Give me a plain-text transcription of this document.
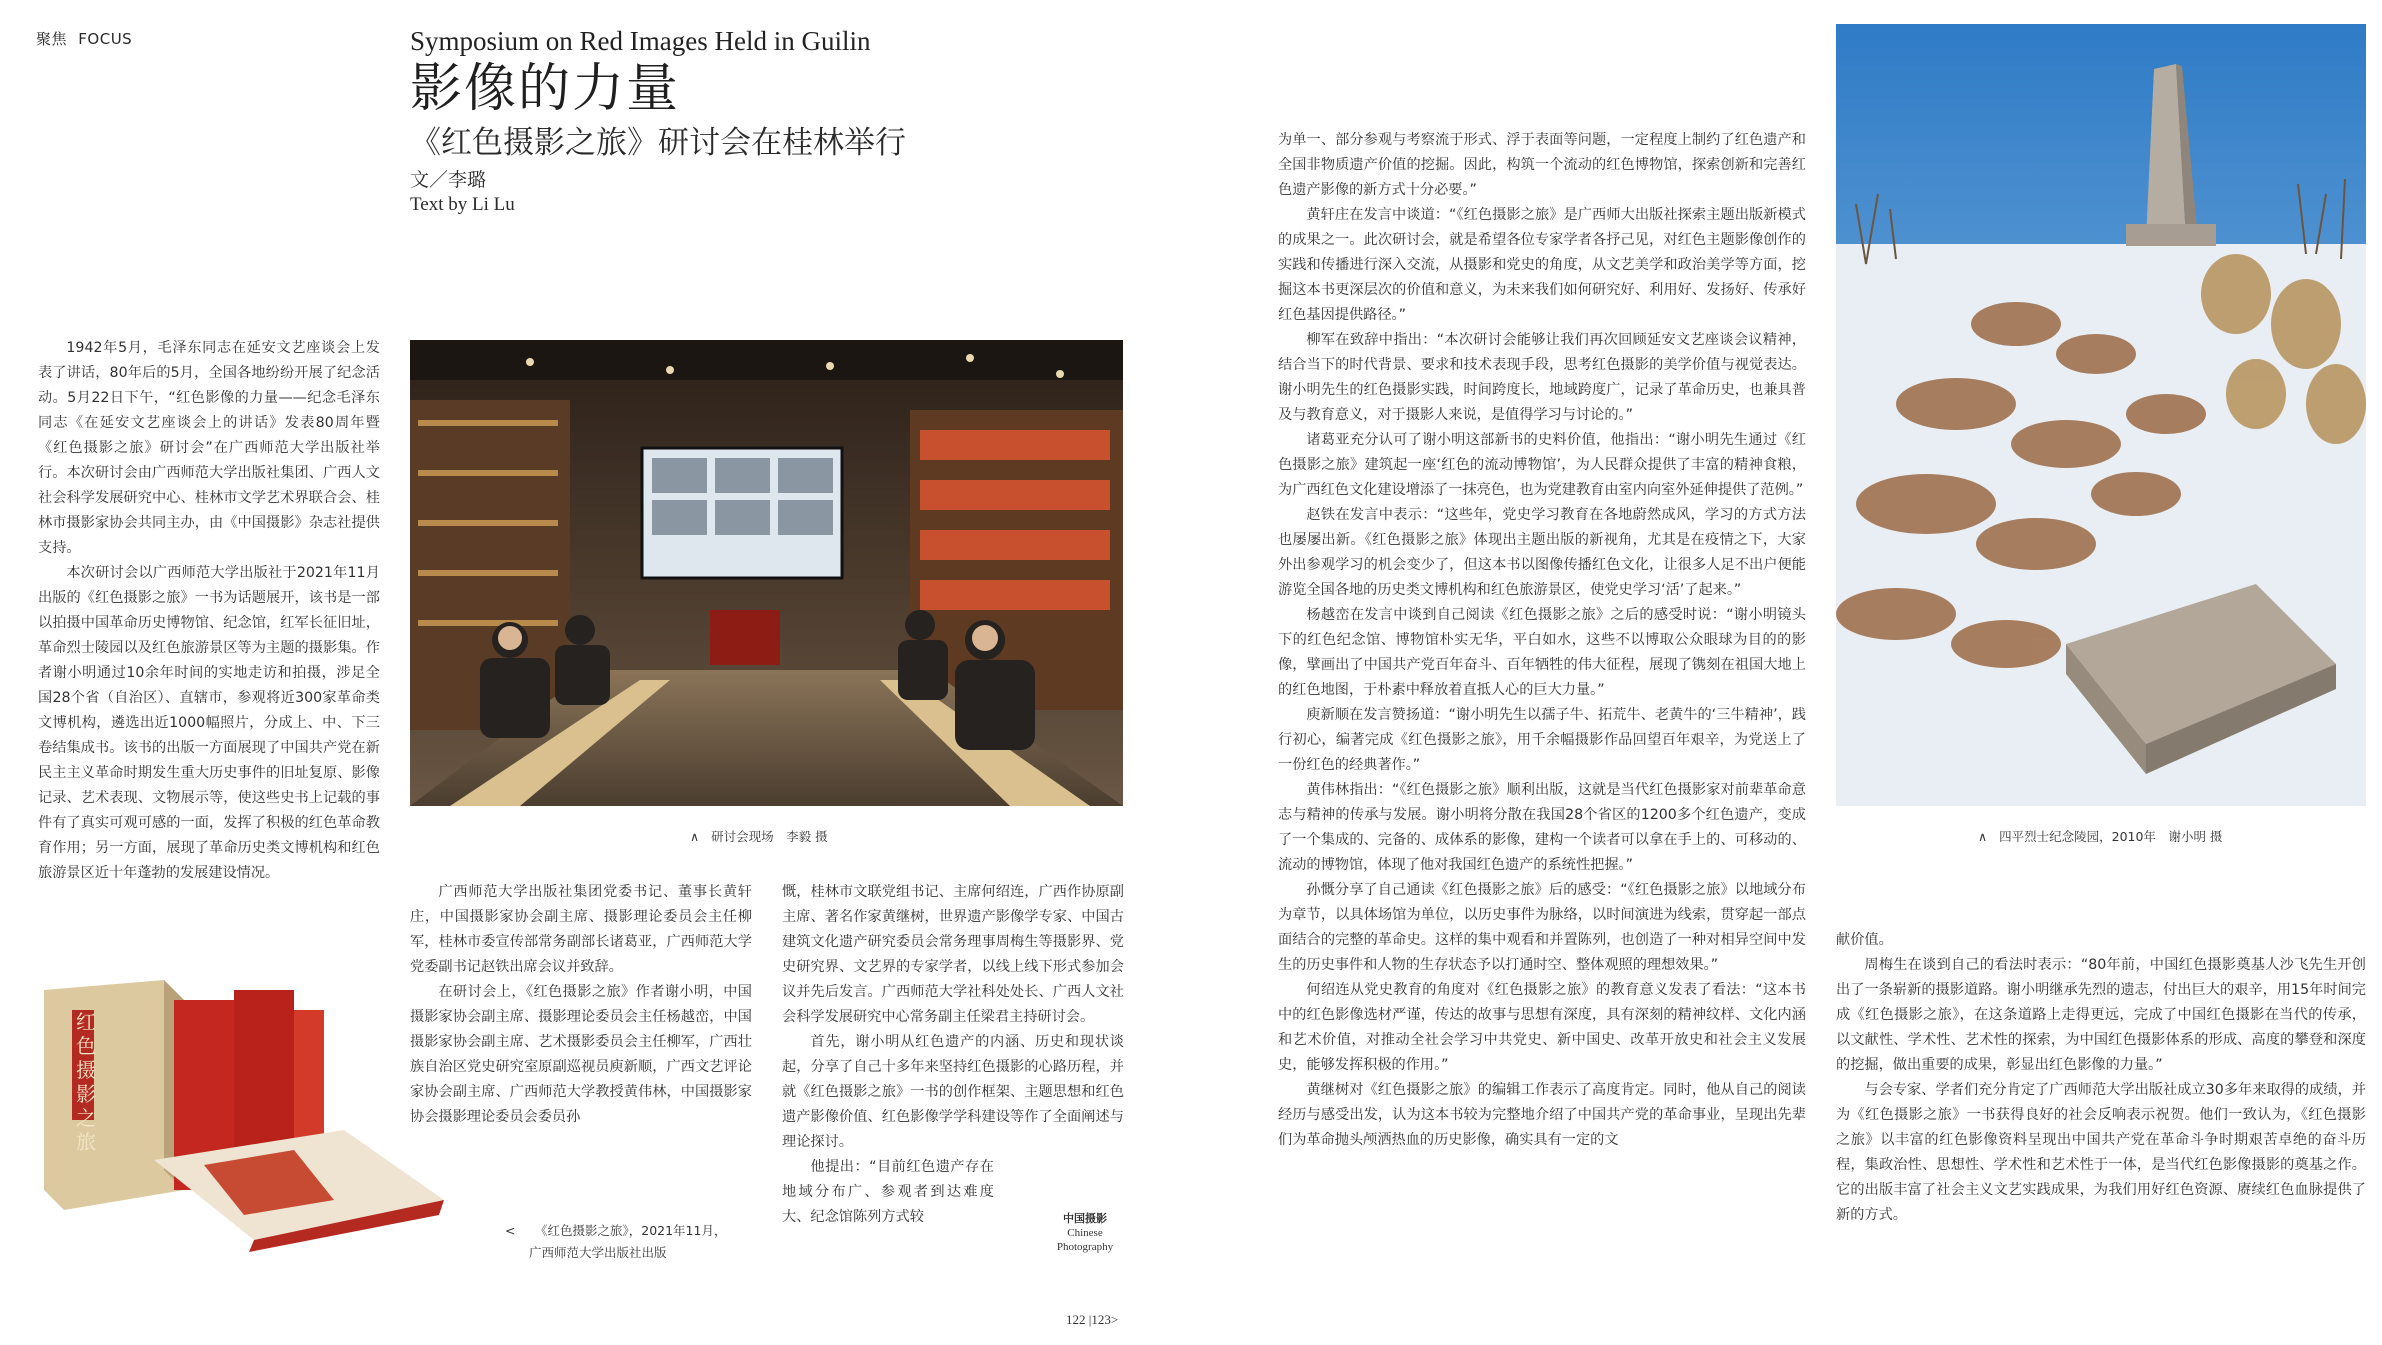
聚焦 FOCUS	Symposium on Red Images Held in Guilin
影像的力量
《红色摄影之旅》研讨会在桂林举行
文／李璐
Text by Li Lu

1942年5月，毛泽东同志在延安文艺座谈会上发表了讲话，80年后的5月，全国各地纷纷开展了纪念活动。5月22日下午，“红色影像的力量——纪念毛泽东同志《在延安文艺座谈会上的讲话》发表80周年暨《红色摄影之旅》研讨会”在广西师范大学出版社举行。本次研讨会由广西师范大学出版社集团、广西人文社会科学发展研究中心、桂林市文学艺术界联合会、桂林市摄影家协会共同主办，由《中国摄影》杂志社提供支持。

本次研讨会以广西师范大学出版社于2021年11月出版的《红色摄影之旅》一书为话题展开，该书是一部以拍摄中国革命历史博物馆、纪念馆，红军长征旧址，革命烈士陵园以及红色旅游景区等为主题的摄影集。作者谢小明通过10余年时间的实地走访和拍摄，涉足全国28个省（自治区）、直辖市，参观将近300家革命类文博机构，遴选出近1000幅照片，分成上、中、下三卷结集成书。该书的出版一方面展现了中国共产党在新民主主义革命时期发生重大历史事件的旧址复原、影像记录、艺术表现、文物展示等，使这些史书上记载的事件有了真实可观可感的一面，发挥了积极的红色革命教育作用；另一方面，展现了革命历史类文博机构和红色旅游景区近十年蓬勃的发展建设情况。

∧ 研讨会现场　李毅 摄
红色摄影之旅
< 《红色摄影之旅》，2021年11月，
广西师范大学出版社出版

广西师范大学出版社集团党委书记、董事长黄轩庄，中国摄影家协会副主席、摄影理论委员会主任柳军，桂林市委宣传部常务副部长诸葛亚，广西师范大学党委副书记赵铁出席会议并致辞。

在研讨会上，《红色摄影之旅》作者谢小明，中国摄影家协会副主席、摄影理论委员会主任杨越峦，中国摄影家协会副主席、艺术摄影委员会主任柳军，广西壮族自治区党史研究室原副巡视员庾新顺，广西文艺评论家协会副主席、广西师范大学教授黄伟林，中国摄影家协会摄影理论委员会委员孙

慨，桂林市文联党组书记、主席何绍连，广西作协原副主席、著名作家黄继树，世界遗产影像学专家、中国古建筑文化遗产研究委员会常务理事周梅生等摄影界、党史研究界、文艺界的专家学者，以线上线下形式参加会议并先后发言。广西师范大学社科处处长、广西人文社会科学发展研究中心常务副主任梁君主持研讨会。

首先，谢小明从红色遗产的内涵、历史和现状谈起，分享了自己十多年来坚持红色摄影的心路历程，并就《红色摄影之旅》一书的创作框架、主题思想和红色遗产影像价值、红色影像学学科建设等作了全面阐述与理论探讨。

他提出：“目前红色遗产存在地域分布广、参观者到达难度大、纪念馆陈列方式较	中国摄影
Chinese
Photography

为单一、部分参观与考察流于形式、浮于表面等问题，一定程度上制约了红色遗产和全国非物质遗产价值的挖掘。因此，构筑一个流动的红色博物馆，探索创新和完善红色遗产影像的新方式十分必要。”

黄轩庄在发言中谈道：“《红色摄影之旅》是广西师大出版社探索主题出版新模式的成果之一。此次研讨会，就是希望各位专家学者各抒己见，对红色主题影像创作的实践和传播进行深入交流，从摄影和党史的角度，从文艺美学和政治美学等方面，挖掘这本书更深层次的价值和意义，为未来我们如何研究好、利用好、发扬好、传承好红色基因提供路径。”

柳军在致辞中指出：“本次研讨会能够让我们再次回顾延安文艺座谈会议精神，结合当下的时代背景、要求和技术表现手段，思考红色摄影的美学价值与视觉表达。谢小明先生的红色摄影实践，时间跨度长，地域跨度广，记录了革命历史，也兼具普及与教育意义，对于摄影人来说，是值得学习与讨论的。”

诸葛亚充分认可了谢小明这部新书的史料价值，他指出：“谢小明先生通过《红色摄影之旅》建筑起一座‘红色的流动博物馆’，为人民群众提供了丰富的精神食粮，为广西红色文化建设增添了一抹亮色，也为党建教育由室内向室外延伸提供了范例。”

赵铁在发言中表示：“这些年，党史学习教育在各地蔚然成风，学习的方式方法也屡屡出新。《红色摄影之旅》体现出主题出版的新视角，尤其是在疫情之下，大家外出参观学习的机会变少了，但这本书以图像传播红色文化，让很多人足不出户便能游览全国各地的历史类文博机构和红色旅游景区，使党史学习‘活’了起来。”

杨越峦在发言中谈到自己阅读《红色摄影之旅》之后的感受时说：“谢小明镜头下的红色纪念馆、博物馆朴实无华，平白如水，这些不以博取公众眼球为目的的影像，擘画出了中国共产党百年奋斗、百年牺牲的伟大征程，展现了镌刻在祖国大地上的红色地图，于朴素中释放着直抵人心的巨大力量。”

庾新顺在发言赞扬道：“谢小明先生以孺子牛、拓荒牛、老黄牛的‘三牛精神’，践行初心，编著完成《红色摄影之旅》，用千余幅摄影作品回望百年艰辛，为党送上了一份红色的经典著作。”

黄伟林指出：“《红色摄影之旅》顺利出版，这就是当代红色摄影家对前辈革命意志与精神的传承与发展。谢小明将分散在我国28个省区的1200多个红色遗产，变成了一个集成的、完备的、成体系的影像，建构一个读者可以拿在手上的、可移动的、流动的博物馆，体现了他对我国红色遗产的系统性把握。”

孙慨分享了自己通读《红色摄影之旅》后的感受：“《红色摄影之旅》以地域分布为章节，以具体场馆为单位，以历史事件为脉络，以时间演进为线索，贯穿起一部点面结合的完整的革命史。这样的集中观看和并置陈列，也创造了一种对相异空间中发生的历史事件和人物的生存状态予以打通时空、整体观照的理想效果。”

何绍连从党史教育的角度对《红色摄影之旅》的教育意义发表了看法：“这本书中的红色影像选材严谨，传达的故事与思想有深度，具有深刻的精神纹样、文化内涵和艺术价值，对推动全社会学习中共党史、新中国史、改革开放史和社会主义发展史，能够发挥积极的作用。”

黄继树对《红色摄影之旅》的编辑工作表示了高度肯定。同时，他从自己的阅读经历与感受出发，认为这本书较为完整地介绍了中国共产党的革命事业，呈现出先辈们为革命抛头颅洒热血的历史影像，确实具有一定的文

∧ 四平烈士纪念陵园，2010年　谢小明 摄

献价值。

周梅生在谈到自己的看法时表示：“80年前，中国红色摄影奠基人沙飞先生开创出了一条崭新的摄影道路。谢小明继承先烈的遗志，付出巨大的艰辛，用15年时间完成《红色摄影之旅》，在这条道路上走得更远，完成了中国红色摄影在当代的传承，以文献性、学术性、艺术性的探索，为中国红色摄影体系的形成、高度的攀登和深度的挖掘，做出重要的成果，彰显出红色影像的力量。”

与会专家、学者们充分肯定了广西师范大学出版社成立30多年来取得的成绩，并为《红色摄影之旅》一书获得良好的社会反响表示祝贺。他们一致认为，《红色摄影之旅》以丰富的红色影像资料呈现出中国共产党在革命斗争时期艰苦卓绝的奋斗历程，集政治性、思想性、学术性和艺术性于一体，是当代红色影像摄影的奠基之作。它的出版丰富了社会主义文艺实践成果，为我们用好红色资源、赓续红色血脉提供了新的方式。

122 |123>
